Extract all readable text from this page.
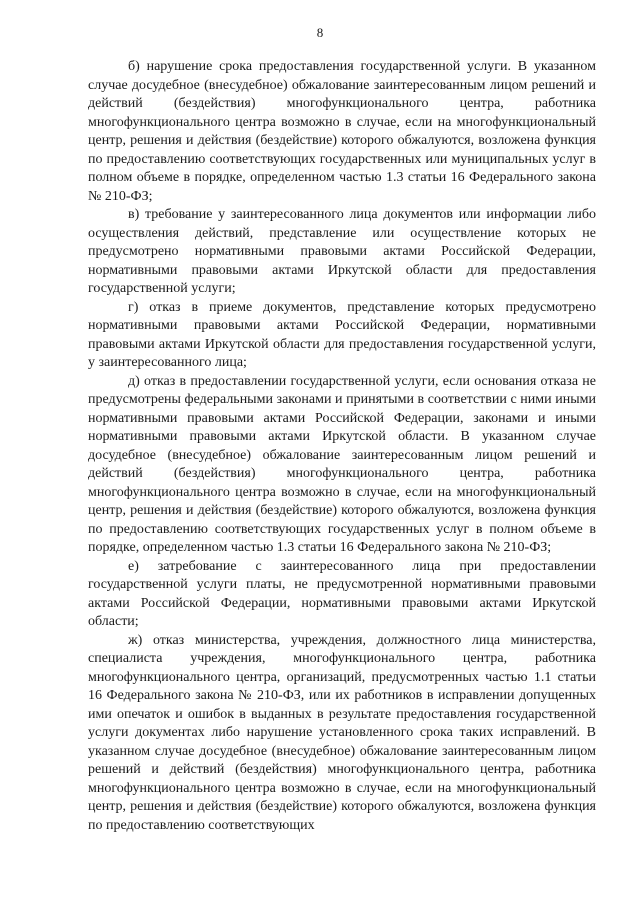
8

б) нарушение срока предоставления государственной услуги. В указанном случае досудебное (внесудебное) обжалование заинтересованным лицом решений и действий (бездействия) многофункционального центра, работника многофункционального центра возможно в случае, если на многофункциональный центр, решения и действия (бездействие) которого обжалуются, возложена функция по предоставлению соответствующих государственных или муниципальных услуг в полном объеме в порядке, определенном частью 1.3 статьи 16 Федерального закона № 210-ФЗ;

в) требование у заинтересованного лица документов или информации либо осуществления действий, представление или осуществление которых не предусмотрено нормативными правовыми актами Российской Федерации, нормативными правовыми актами Иркутской области для предоставления государственной услуги;

г) отказ в приеме документов, представление которых предусмотрено нормативными правовыми актами Российской Федерации, нормативными правовыми актами Иркутской области для предоставления государственной услуги, у заинтересованного лица;

д) отказ в предоставлении государственной услуги, если основания отказа не предусмотрены федеральными законами и принятыми в соответствии с ними иными нормативными правовыми актами Российской Федерации, законами и иными нормативными правовыми актами Иркутской области. В указанном случае досудебное (внесудебное) обжалование заинтересованным лицом решений и действий (бездействия) многофункционального центра, работника многофункционального центра возможно в случае, если на многофункциональный центр, решения и действия (бездействие) которого обжалуются, возложена функция по предоставлению соответствующих государственных услуг в полном объеме в порядке, определенном частью 1.3 статьи 16 Федерального закона № 210-ФЗ;

е) затребование с заинтересованного лица при предоставлении государственной услуги платы, не предусмотренной нормативными правовыми актами Российской Федерации, нормативными правовыми актами Иркутской области;

ж) отказ министерства, учреждения, должностного лица министерства, специалиста учреждения, многофункционального центра, работника многофункционального центра, организаций, предусмотренных частью 1.1 статьи 16 Федерального закона № 210-ФЗ, или их работников в исправлении допущенных ими опечаток и ошибок в выданных в результате предоставления государственной услуги документах либо нарушение установленного срока таких исправлений. В указанном случае досудебное (внесудебное) обжалование заинтересованным лицом решений и действий (бездействия) многофункционального центра, работника многофункционального центра возможно в случае, если на многофункциональный центр, решения и действия (бездействие) которого обжалуются, возложена функция по предоставлению соответствующих
